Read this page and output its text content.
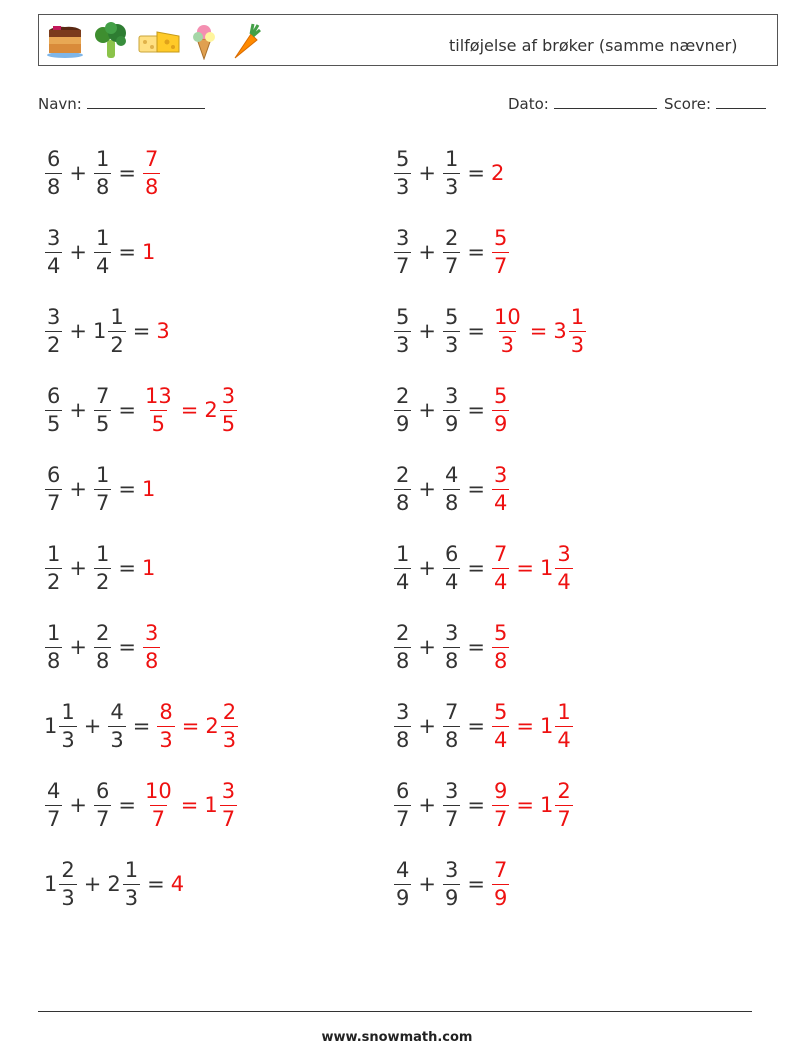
tilføjelse af brøker (samme nævner)
Navn:	Dato:	Score:
$\frac{6}{8} + \frac{1}{8} = \frac{7}{8}$	$\frac{5}{3} + \frac{1}{3} = 2$
$\frac{3}{4} + \frac{1}{4} = 1$	$\frac{3}{7} + \frac{2}{7} = \frac{5}{7}$
$\frac{3}{2} + 1 \frac{1}{2} = 3$	$\frac{5}{3} + \frac{5}{3} = \frac{10}{3} = 3 \frac{1}{3}$
$\frac{6}{5} + \frac{7}{5} = \frac{13}{5} = 2 \frac{3}{5}$	$\frac{2}{9} + \frac{3}{9} = \frac{5}{9}$
$\frac{6}{7} + \frac{1}{7} = 1$	$\frac{2}{8} + \frac{4}{8} = \frac{3}{4}$
$\frac{1}{2} + \frac{1}{2} = 1$	$\frac{1}{4} + \frac{6}{4} = \frac{7}{4} = 1 \frac{3}{4}$
$\frac{1}{8} + \frac{2}{8} = \frac{3}{8}$	$\frac{2}{8} + \frac{3}{8} = \frac{5}{8}$
$1 \frac{1}{3} + \frac{4}{3} = \frac{8}{3} = 2 \frac{2}{3}$	$\frac{3}{8} + \frac{7}{8} = \frac{5}{4} = 1 \frac{1}{4}$
$\frac{4}{7} + \frac{6}{7} = \frac{10}{7} = 1 \frac{3}{7}$	$\frac{6}{7} + \frac{3}{7} = \frac{9}{7} = 1 \frac{2}{7}$
$1 \frac{2}{3} + 2 \frac{1}{3} = 4$	$\frac{4}{9} + \frac{3}{9} = \frac{7}{9}$
www.snowmath.com
